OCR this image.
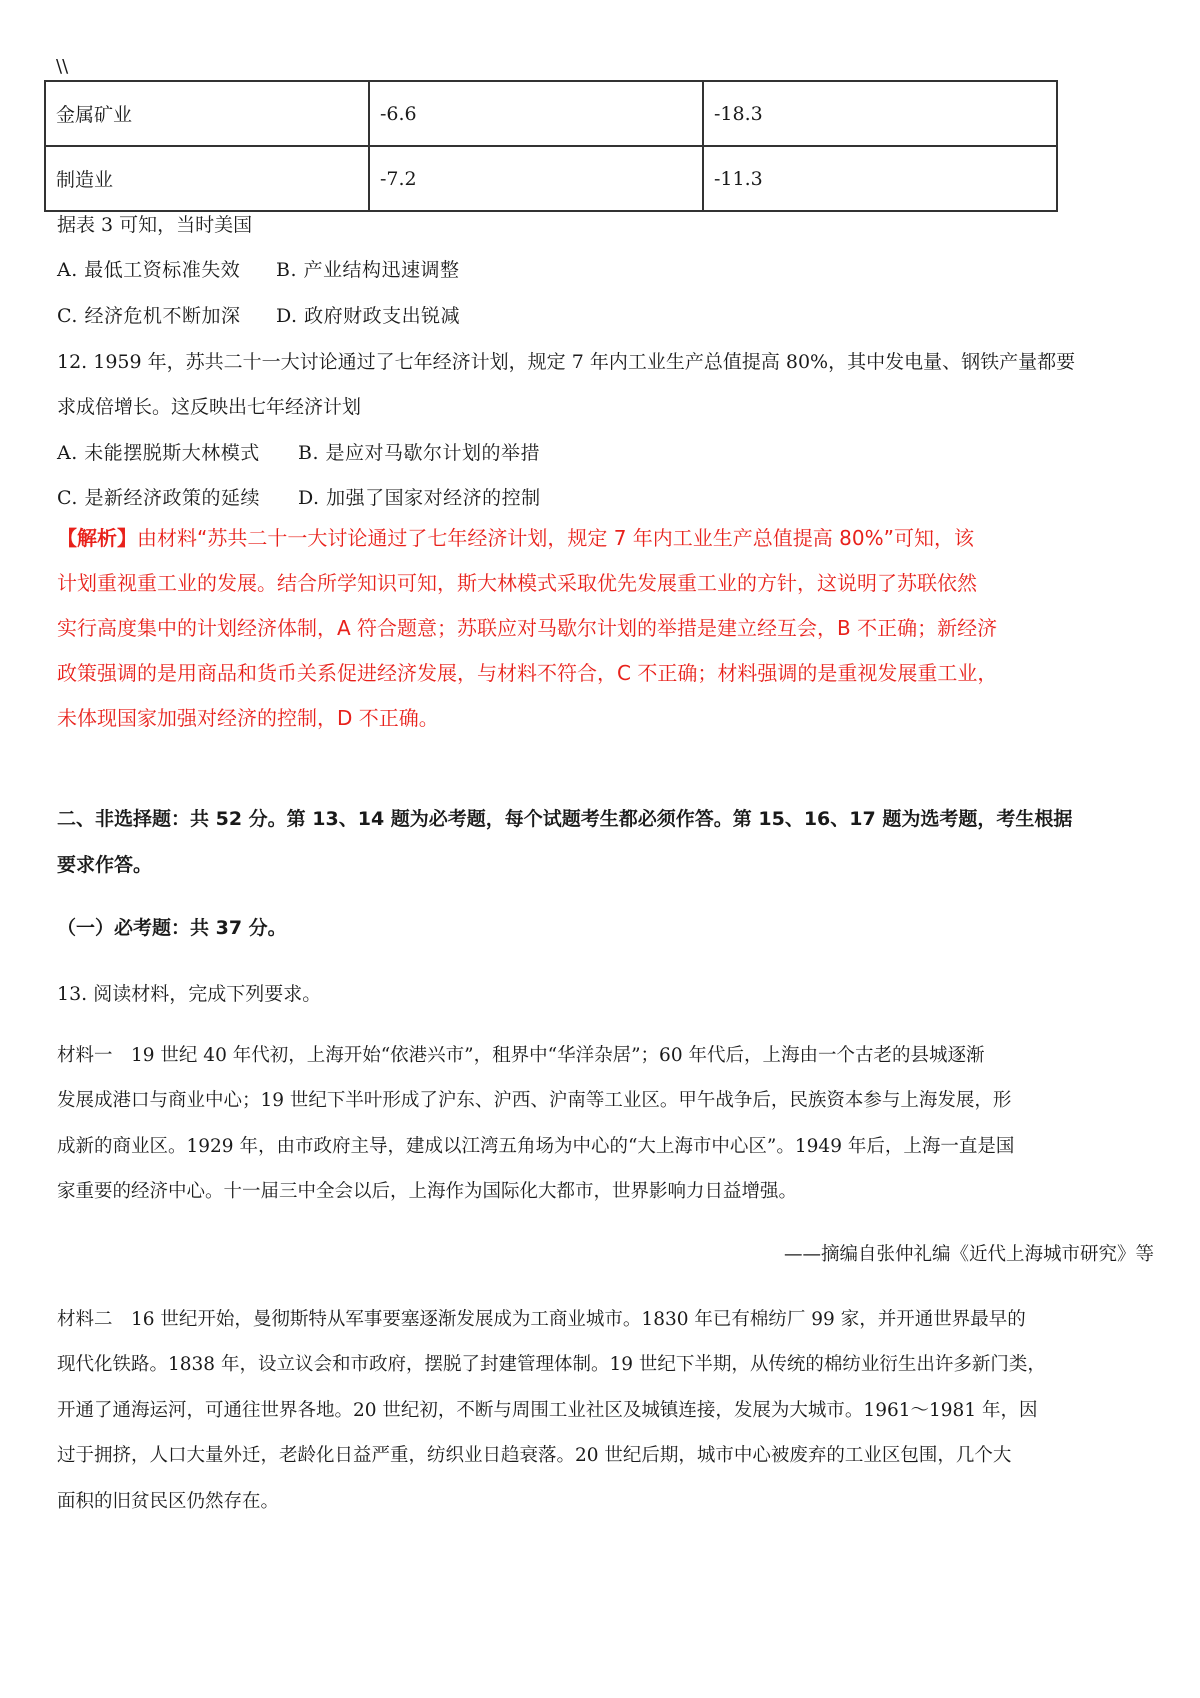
\\
金属矿业	-6.6	-18.3
制造业	-7.2	-11.3
据表 3 可知，当时美国
A. 最低工资标准失效 B. 产业结构迅速调整
C. 经济危机不断加深 D. 政府财政支出锐减
12. 1959 年，苏共二十一大讨论通过了七年经济计划，规定 7 年内工业生产总值提高 80%，其中发电量、钢铁产量都要
求成倍增长。这反映出七年经济计划
A. 未能摆脱斯大林模式 B. 是应对马歇尔计划的举措
C. 是新经济政策的延续 D. 加强了国家对经济的控制
【解析】由材料“苏共二十一大讨论通过了七年经济计划，规定 7 年内工业生产总值提高 80%”可知，该
计划重视重工业的发展。结合所学知识可知，斯大林模式采取优先发展重工业的方针，这说明了苏联依然
实行高度集中的计划经济体制，A 符合题意；苏联应对马歇尔计划的举措是建立经互会，B 不正确；新经济
政策强调的是用商品和货币关系促进经济发展，与材料不符合，C 不正确；材料强调的是重视发展重工业，
未体现国家加强对经济的控制，D 不正确。
二、非选择题：共 52 分。第 13、14 题为必考题，每个试题考生都必须作答。第 15、16、17 题为选考题，考生根据
要求作答。
（一）必考题：共 37 分。
13. 阅读材料，完成下列要求。
材料一　19 世纪 40 年代初，上海开始“依港兴市”，租界中“华洋杂居”；60 年代后，上海由一个古老的县城逐渐
发展成港口与商业中心；19 世纪下半叶形成了沪东、沪西、沪南等工业区。甲午战争后，民族资本参与上海发展，形
成新的商业区。1929 年，由市政府主导，建成以江湾五角场为中心的“大上海市中心区”。1949 年后，上海一直是国
家重要的经济中心。十一届三中全会以后，上海作为国际化大都市，世界影响力日益增强。
——摘编自张仲礼编《近代上海城市研究》等
材料二　16 世纪开始，曼彻斯特从军事要塞逐渐发展成为工商业城市。1830 年已有棉纺厂 99 家，并开通世界最早的
现代化铁路。1838 年，设立议会和市政府，摆脱了封建管理体制。19 世纪下半期，从传统的棉纺业衍生出许多新门类，
开通了通海运河，可通往世界各地。20 世纪初，不断与周围工业社区及城镇连接，发展为大城市。1961～1981 年，因
过于拥挤，人口大量外迁，老龄化日益严重，纺织业日趋衰落。20 世纪后期，城市中心被废弃的工业区包围，几个大
面积的旧贫民区仍然存在。
